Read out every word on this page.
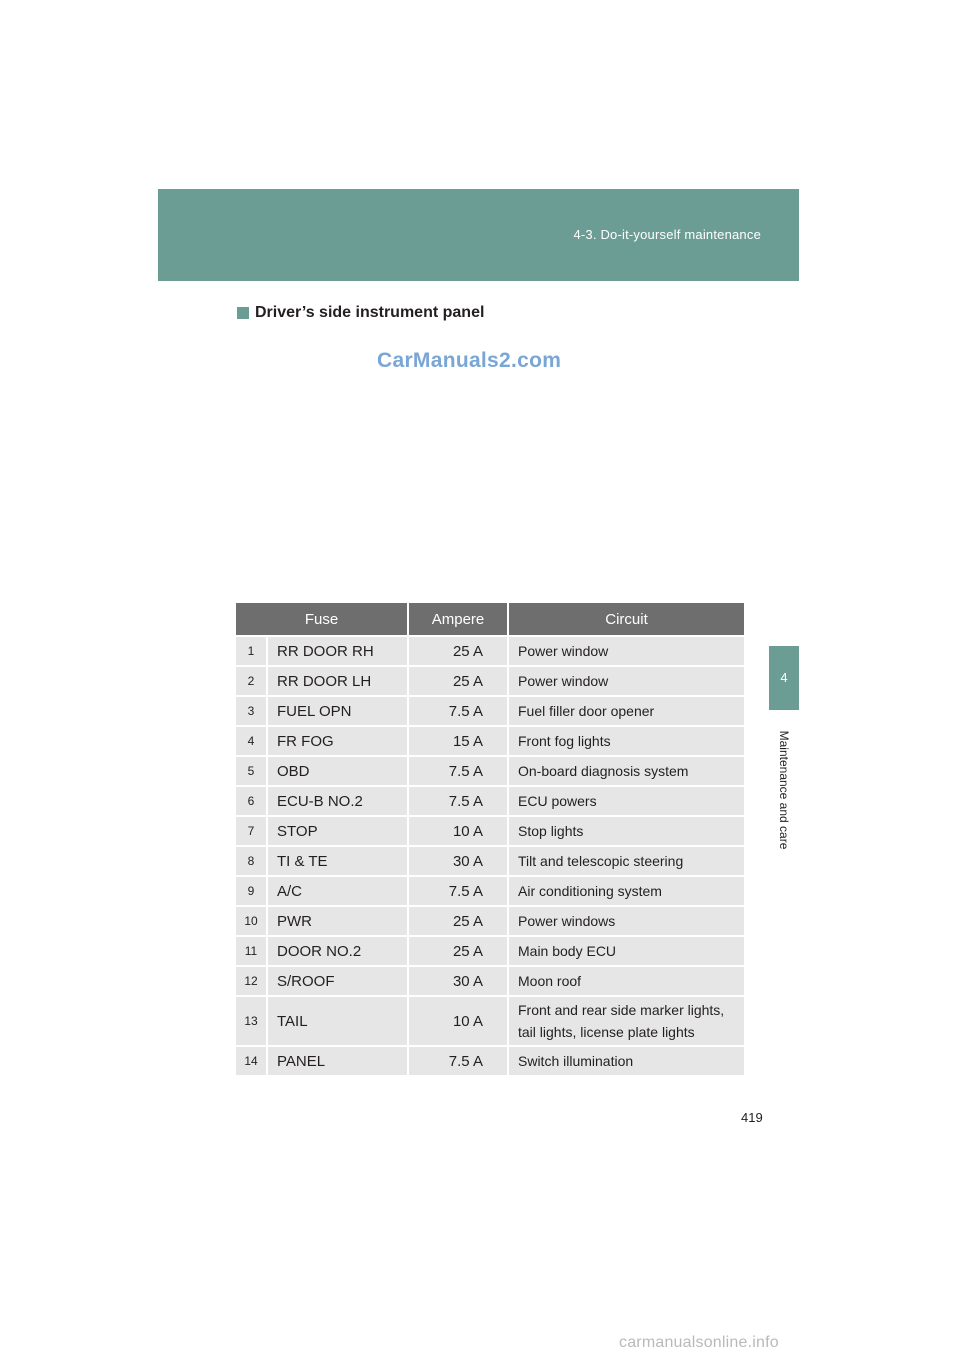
4-3. Do-it-yourself maintenance
4
Maintenance and care
Driver’s side instrument panel
CarManuals2.com
Fuse		Ampere	Circuit
1	RR DOOR RH	25 A	Power window
2	RR DOOR LH	25 A	Power window
3	FUEL OPN	7.5 A	Fuel filler door opener
4	FR FOG	15 A	Front fog lights
5	OBD	7.5 A	On-board diagnosis system
6	ECU-B NO.2	7.5 A	ECU powers
7	STOP	10 A	Stop lights
8	TI & TE	30 A	Tilt and telescopic steering
9	A/C	7.5 A	Air conditioning system
10	PWR	25 A	Power windows
11	DOOR NO.2	25 A	Main body ECU
12	S/ROOF	30 A	Moon roof
13	TAIL	10 A	Front and rear side marker lights, tail lights, license plate lights
14	PANEL	7.5 A	Switch illumination
419
carmanualsonline.info
